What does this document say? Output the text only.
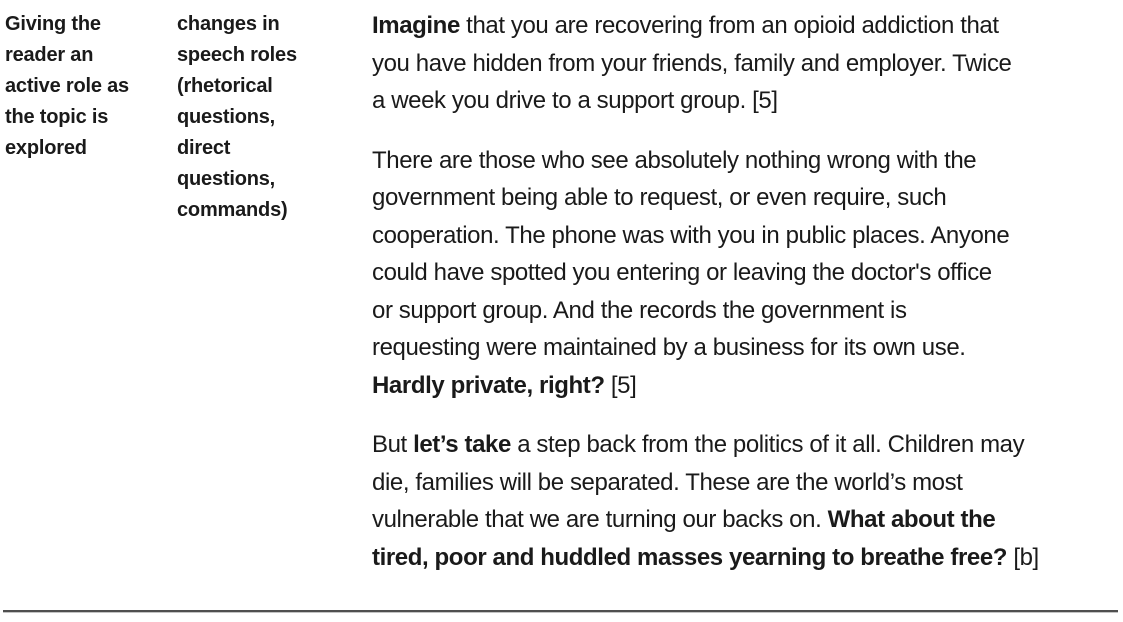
Giving the
reader an
active role as
the topic is
explored
changes in
speech roles
(rhetorical
questions,
direct
questions,
commands)
Imagine that you are recovering from an opioid addiction that
you have hidden from your friends, family and employer. Twice
a week you drive to a support group. [5]
There are those who see absolutely nothing wrong with the
government being able to request, or even require, such
cooperation. The phone was with you in public places. Anyone
could have spotted you entering or leaving the doctor's office
or support group. And the records the government is
requesting were maintained by a business for its own use.
Hardly private, right? [5]
But let’s take a step back from the politics of it all. Children may
die, families will be separated. These are the world’s most
vulnerable that we are turning our backs on. What about the
tired, poor and huddled masses yearning to breathe free? [b]
